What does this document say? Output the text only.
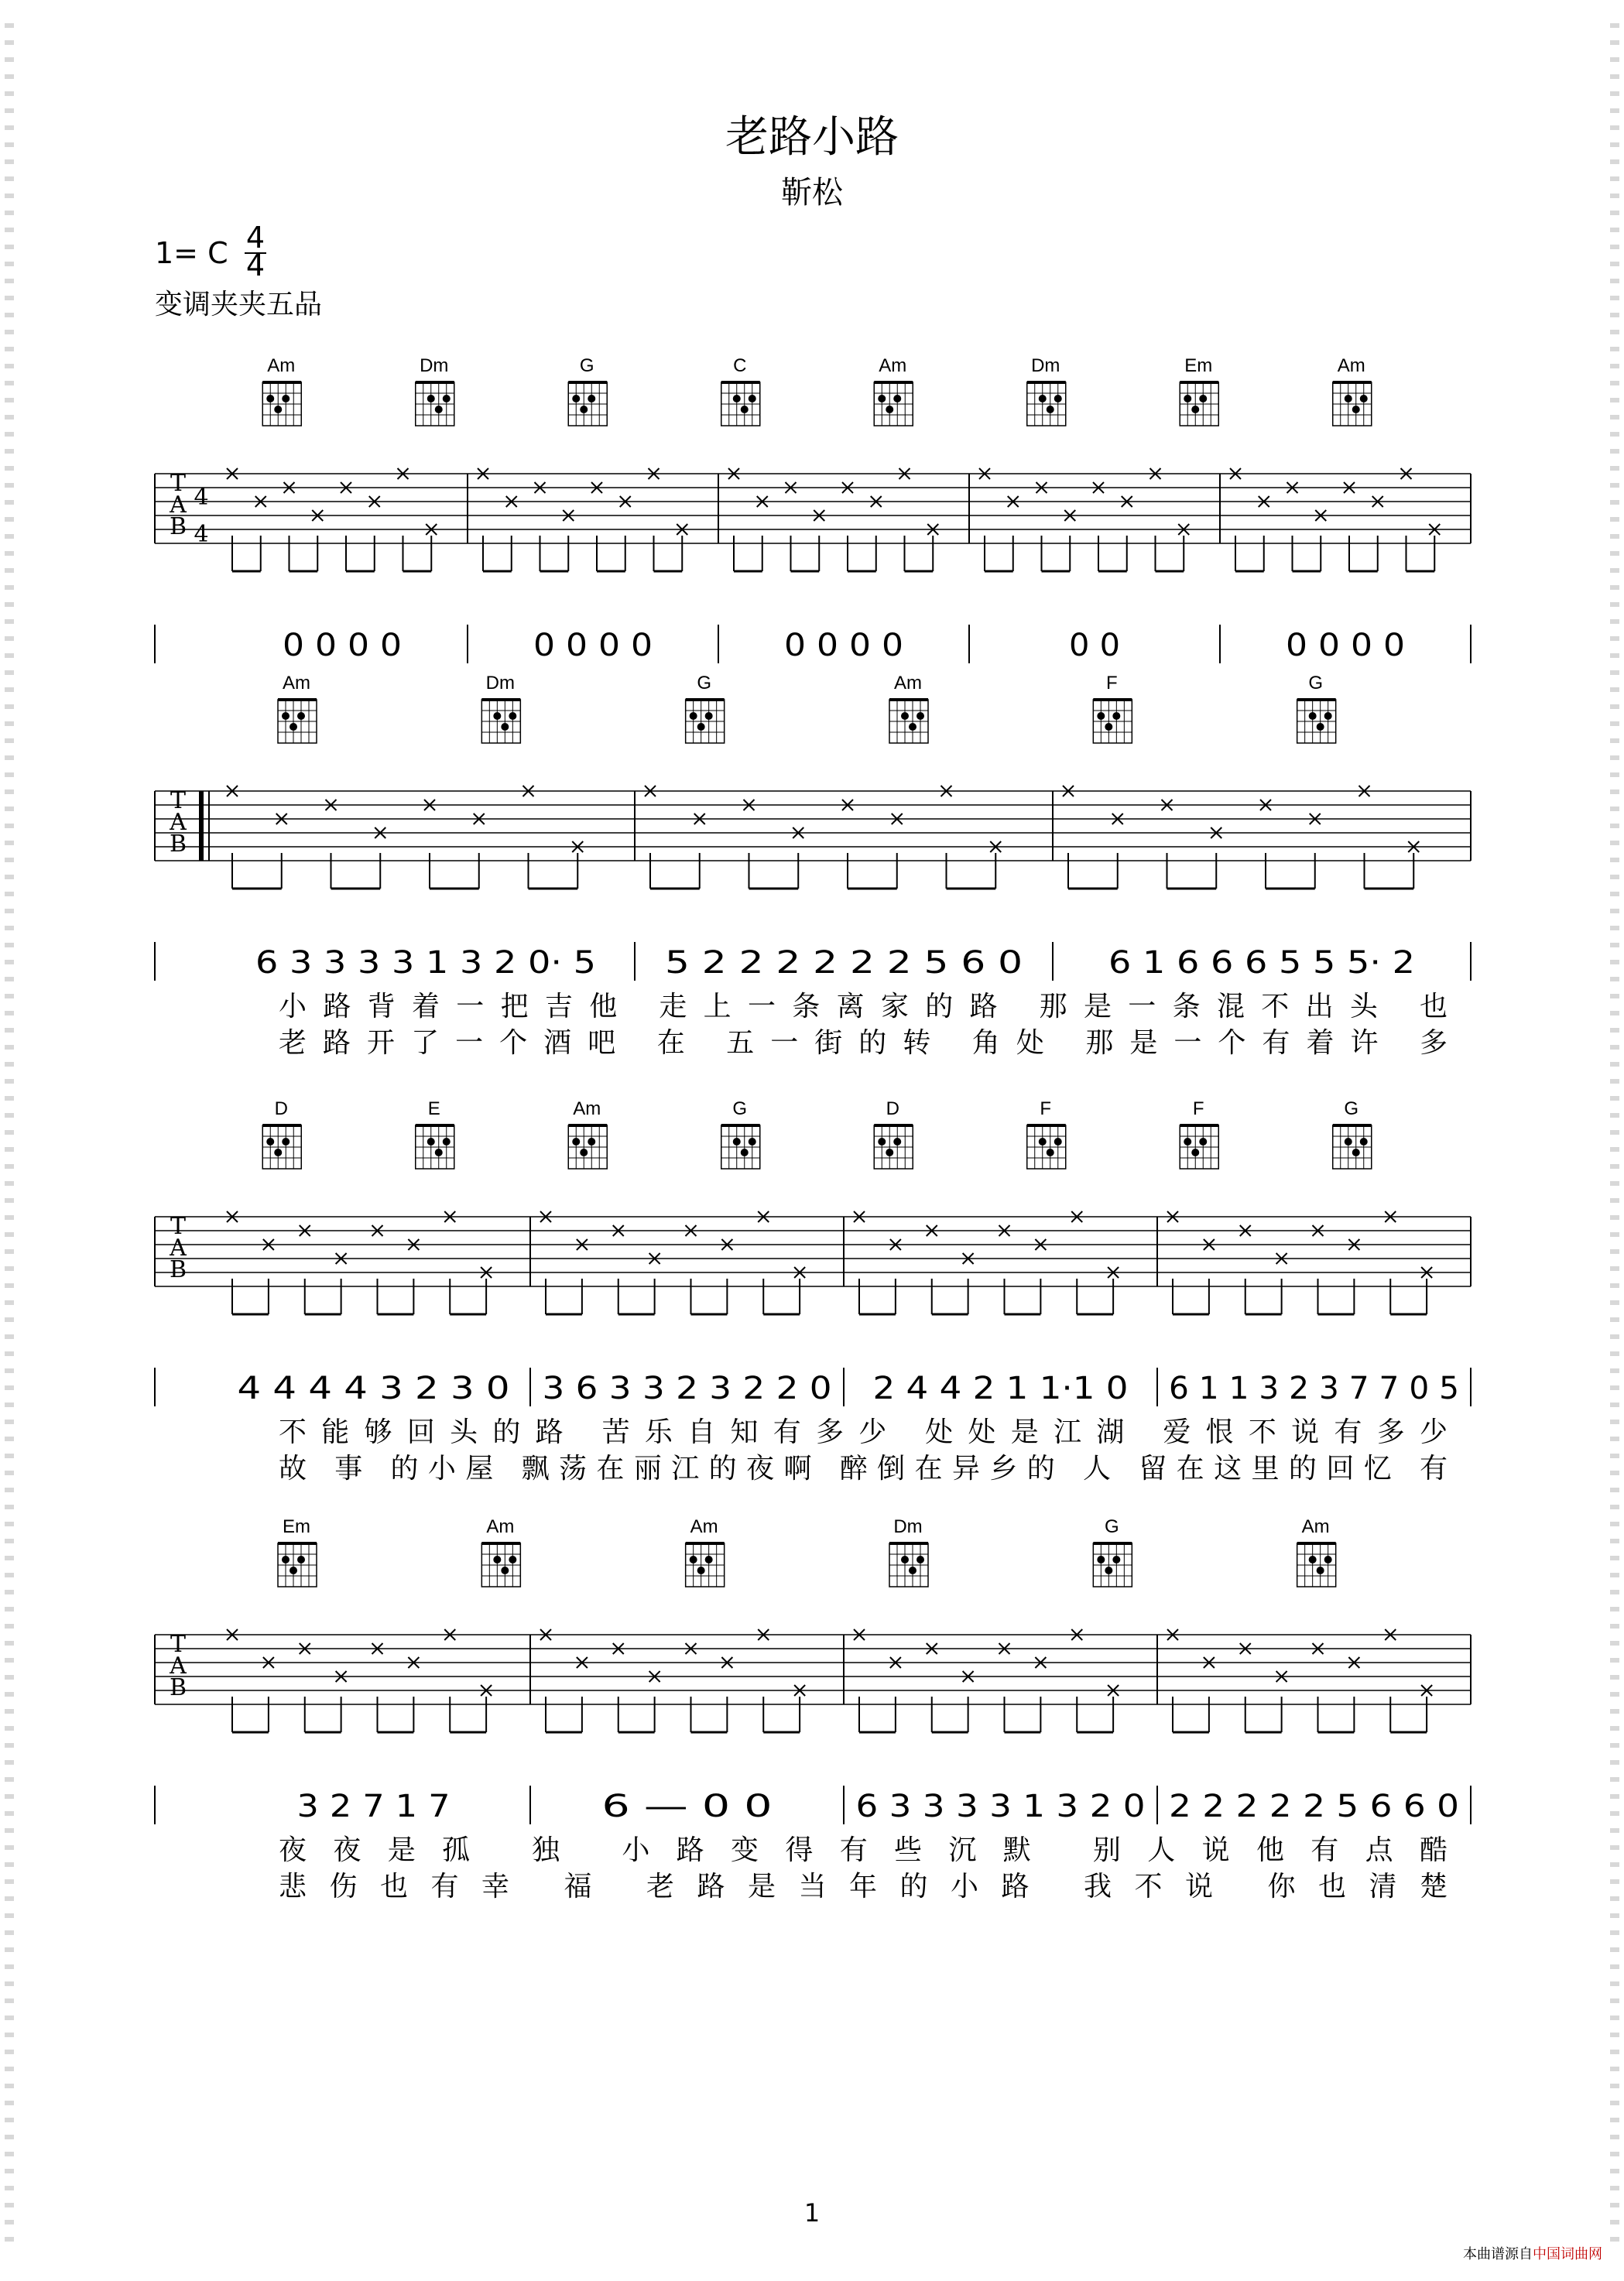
老路小路
靳松
1= C 4
4
变调夹夹五品
Am	Dm	G	C	Am	Dm	Em	Am
T
A
B
4
4
0 0 0 0	0 0 0 0	0 0 0 0	0 0	0 0 0 0
Am	Dm	G	Am	F	G
T
A
B
6 3 3 3 3 1 3 2 0· 5 5 2 2 2 2 2 2 5 6 0	6 1 6 6 6 5 5 5· 2
小路背着一把吉他 走上一条离家的路 那是一条混不出头 也
老路开了一个酒吧 在 五一街的转 角处 那是一个有着许 多
D	E	Am	G	D	F	F	G
T
A
B
4 4 4 4 3 2 3 0 3 6 3 3 2 3 2 2 0 2 4 4 2 1 1·1 0 6 1 1 3 2 3 7 7 0 5
不能够回头的路 苦乐自知有多少 处处是江湖 爱恨不说有多少
故 事 的小屋 飘荡在丽江的夜啊 醉倒在异乡的 人 留在这里的回忆 有
Em	Am	Am	Dm	G	Am
T
A
B
3 2 7 1 7	6 — 0 0	6 3 3 3 3 1 3 2 0 2 2 2 2 2 5 6 6 0
夜夜是孤 独 小路变得有些沉默 别人说他有点酷
悲伤也有幸 福 老路是当年的小路 我不说 你也清楚
1
本曲谱源自 中国词曲网
